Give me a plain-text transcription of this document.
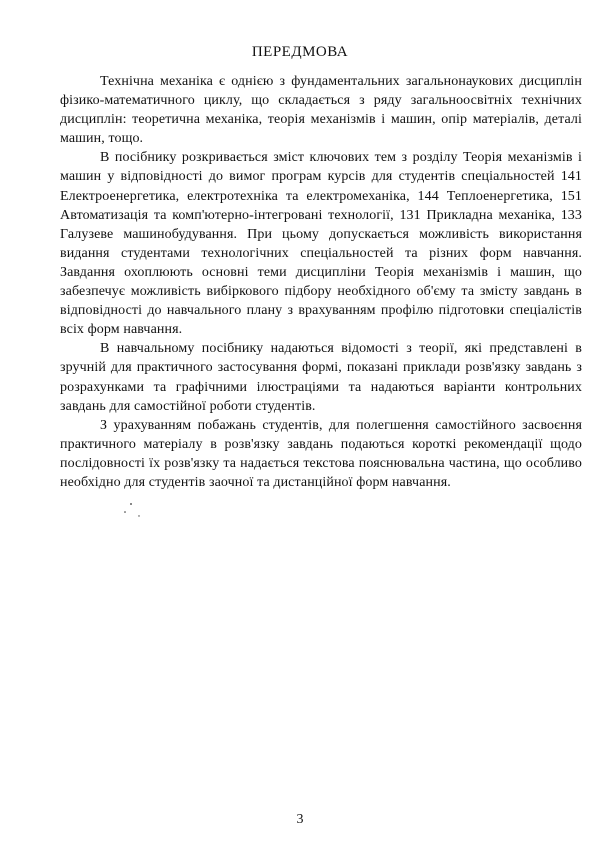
ПЕРЕДМОВА

Технічна механіка є однією з фундаментальних загальнонаукових дисциплін фізико-математичного циклу, що складається з ряду загальноосвітніх технічних дисциплін: теоретична механіка, теорія механізмів і машин, опір матеріалів, деталі машин, тощо.

В посібнику розкривається зміст ключових тем з розділу Теорія механізмів і машин у відповідності до вимог програм курсів для студентів спеціальностей 141 Електроенергетика, електротехніка та електромеханіка, 144 Теплоенергетика, 151 Автоматизація та комп'ютерно-інтегровані технології, 131 Прикладна механіка, 133 Галузеве машинобудування. При цьому допускається можливість використання видання студентами технологічних спеціальностей та різних форм навчання. Завдання охоплюють основні теми дисципліни Теорія механізмів і машин, що забезпечує можливість вибіркового підбору необхідного об'єму та змісту завдань в відповідності до навчального плану з врахуванням профілю підготовки спеціалістів всіх форм навчання.

В навчальному посібнику надаються відомості з теорії, які представлені в зручній для практичного застосування формі, показані приклади розв'язку завдань з розрахунками та графічними ілюстраціями та надаються варіанти контрольних завдань для самостійної роботи студентів.

З урахуванням побажань студентів, для полегшення самостійного засвоєння практичного матеріалу в розв'язку завдань подаються короткі рекомендації щодо послідовності їх розв'язку та надається текстова пояснювальна частина, що особливо необхідно для студентів заочної та дистанційної форм навчання.

3
